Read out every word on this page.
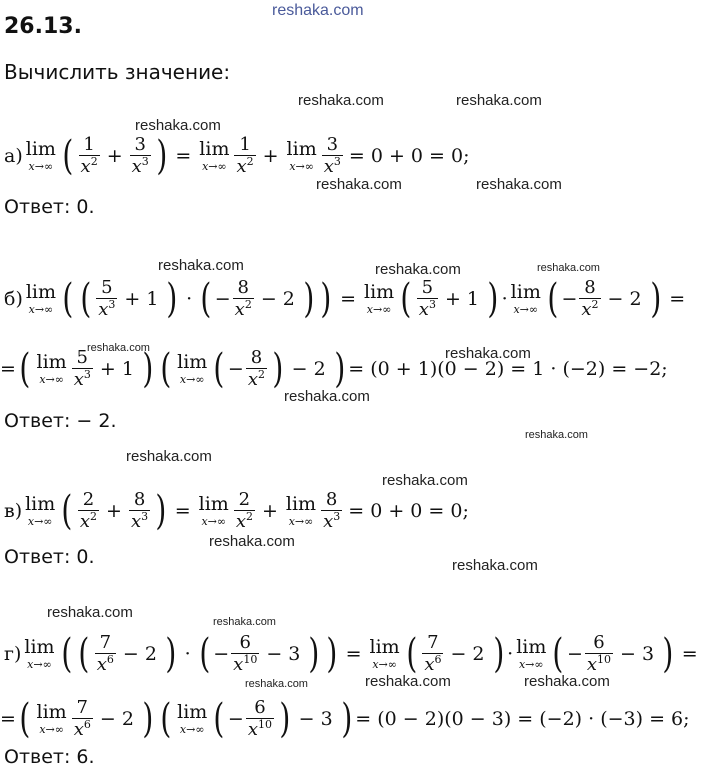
reshaka.com
26.13.
Вычислить значение:
reshaka.com	reshaka.com
reshaka.com
reshaka.com	reshaka.com
reshaka.com	reshaka.com	reshaka.com
reshaka.com	reshaka.com
reshaka.com
reshaka.com
reshaka.com
reshaka.com
reshaka.com
reshaka.com
reshaka.com
reshaka.com
reshaka.com	reshaka.com	reshaka.com
а) lim
x→∞ ( $\frac{1}{x^2} + \frac{3}{x^3}$ ) = lim
$x\to\infty \frac{1}{x^2} + \lim$
$x\to\infty \frac{3}{x^3} = 0 + 0 = 0$;
Ответ: 0.
б) lim
x→∞ ( ( $\frac{5}{x^3} + 1$ ) · ( − $\frac{8}{x^2} - 2$ ) ) = lim
x→∞ ( $\frac{5}{x^3} + 1$ ) · lim
x→∞ ( − $\frac{8}{x^2} - 2$ ) =
= ( lim
$x\to\infty \frac{5}{x^3} + 1$ ) ( lim
x→∞ ( − $\frac{8}{x^2}$ ) − 2 ) = (0 + 1)(0 − 2) = 1 · (−2) = −2;
Ответ: − 2.
в) lim
x→∞ ( $\frac{2}{x^2} + \frac{8}{x^3}$ ) = lim
$x\to\infty \frac{2}{x^2} + \lim$
$x\to\infty \frac{8}{x^3} = 0 + 0 = 0$;
Ответ: 0.
г) lim
x→∞ ( ( $\frac{7}{x^6} - 2$ ) · ( − $\frac{6}{x^{10}} - 3$ ) ) = lim
x→∞ ( $\frac{7}{x^6} - 2$ ) · lim
x→∞ ( − $\frac{6}{x^{10}} - 3$ ) =
= ( lim
$x\to\infty \frac{7}{x^6} - 2$ ) ( lim
x→∞ ( − $\frac{6}{x^{10}}$ ) − 3 ) = (0 − 2)(0 − 3) = (−2) · (−3) = 6;
Ответ: 6.
